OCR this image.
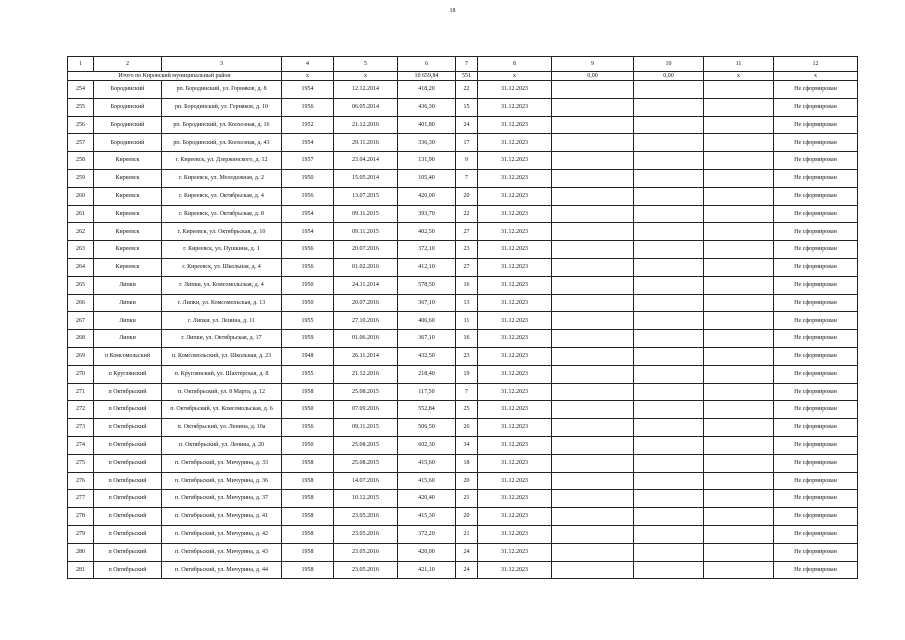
18
1	2	3	4	5	6	7	8	9	10	11	12
Итого по Кировский муниципальный район			x	x	10 659,84	551	x	0,00	0,00	x	x
254	Бородинский	рп. Бородинский, ул. Горняков, д. 8	1954	12.12.2014	418,20	22	31.12.2023				Не сформирован
255	Бородинский	рп. Бородинский, ул. Горняков, д. 10	1956	06.05.2014	436,30	15	31.12.2023				Не сформирован
256	Бородинский	рп. Бородинский, ул. Колхозная, д. 16	1952	21.12.2016	401,80	24	31.12.2023				Не сформирован
257	Бородинский	рп. Бородинский, ул. Колхозная, д. 43	1954	29.11.2016	336,30	17	31.12.2023				Не сформирован
258	Киреевск	г. Киреевск, ул. Дзержинского, д. 12	1957	23.04.2014	131,90	9	31.12.2023				Не сформирован
259	Киреевск	г. Киреевск, ул. Молодежная, д. 2	1950	15.05.2014	105,40	7	31.12.2023				Не сформирован
260	Киреевск	г. Киреевск, ул. Октябрьская, д. 4	1956	13.07.2015	420,00	20	31.12.2023				Не сформирован
261	Киреевск	г. Киреевск, ул. Октябрьская, д. 8	1954	09.11.2015	393,70	22	31.12.2023				Не сформирован
262	Киреевск	г. Киреевск, ул. Октябрьская, д. 10	1954	09.11.2015	402,50	27	31.12.2023				Не сформирован
263	Киреевск	г. Киреевск, ул. Пушкина, д. 1	1956	20.07.2016	372,10	23	31.12.2023				Не сформирован
264	Киреевск	г. Киреевск, ул. Школьная, д. 4	1956	01.02.2016	412,10	27	31.12.2023				Не сформирован
265	Липки	г. Липки, ул. Комсомольская, д. 4	1950	24.11.2014	578,50	16	31.12.2023				Не сформирован
266	Липки	г. Липки, ул. Комсомольская, д. 13	1950	20.07.2016	367,10	13	31.12.2023				Не сформирован
267	Липки	г. Липки, ул. Ленина, д. 11	1955	27.10.2016	406,60	11	31.12.2023				Не сформирован
268	Липки	г. Липки, ул. Октябрьская, д. 17	1959	01.06.2016	367,10	16	31.12.2023				Не сформирован
269	п Комсомольский	п. Комсомольский, ул. Школьная, д. 23	1948	26.11.2014	432,50	23	31.12.2023				Не сформирован
270	п Круглянский	п. Круглянский, ул. Шахтерская, д. 8	1955	21.12.2016	218,40	19	31.12.2023				Не сформирован
271	п Октябрьский	п. Октябрьский, ул. 8 Марта, д. 12	1958	25.08.2015	117,50	7	31.12.2023				Не сформирован
272	п Октябрьский	п. Октябрьский, ул. Комсомольская, д. 6	1950	07.09.2016	552,84	25	31.12.2023				Не сформирован
273	п Октябрьский	п. Октябрьский, ул. Ленина, д. 10а	1956	09.11.2015	506,50	26	31.12.2023				Не сформирован
274	п Октябрьский	п. Октябрьский, ул. Ленина, д. 20	1950	25.08.2015	602,30	34	31.12.2023				Не сформирован
275	п Октябрьский	п. Октябрьский, ул. Мичурина, д. 33	1958	25.08.2015	415,60	18	31.12.2023				Не сформирован
276	п Октябрьский	п. Октябрьский, ул. Мичурина, д. 36	1958	14.07.2016	415,60	20	31.12.2023				Не сформирован
277	п Октябрьский	п. Октябрьский, ул. Мичурина, д. 37	1958	10.12.2015	420,40	21	31.12.2023				Не сформирован
278	п Октябрьский	п. Октябрьский, ул. Мичурина, д. 41	1958	23.05.2016	415,30	20	31.12.2023				Не сформирован
279	п Октябрьский	п. Октябрьский, ул. Мичурина, д. 42	1958	23.05.2016	372,20	21	31.12.2023				Не сформирован
280	п Октябрьский	п. Октябрьский, ул. Мичурина, д. 43	1958	23.05.2016	420,00	24	31.12.2023				Не сформирован
281	п Октябрьский	п. Октябрьский, ул. Мичурина, д. 44	1958	23.05.2016	421,10	24	31.12.2023				Не сформирован
